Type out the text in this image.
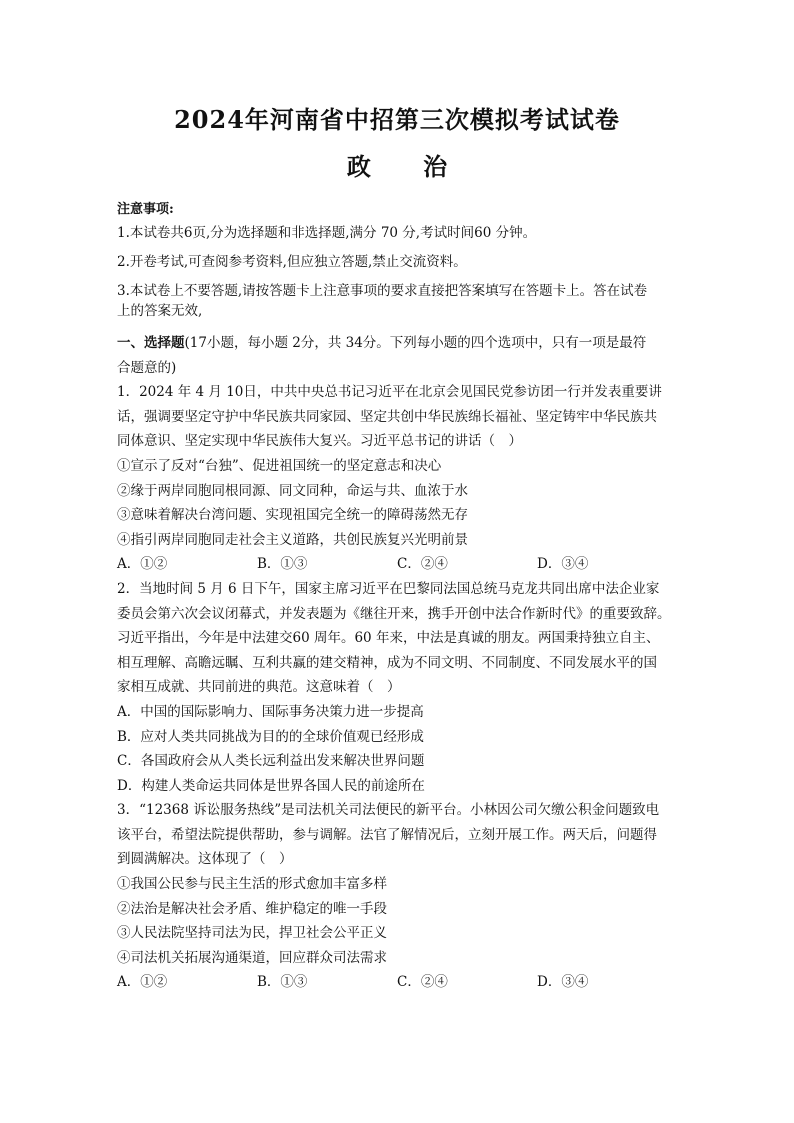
2024年河南省中招第三次模拟考试试卷
政 治
注意事项:

1.本试卷共6页,分为选择题和非选择题,满分 70 分,考试时间60 分钟。

2.开卷考试,可查阅参考资料,但应独立答题,禁止交流资料。

3.本试卷上不要答题,请按答题卡上注意事项的要求直接把答案填写在答题卡上。答在试卷

上的答案无效,

一、选择题(17小题，每小题 2分，共 34分。下列每小题的四个选项中，只有一项是最符
合题意的)
1．2024 年 4 月 10日，中共中央总书记习近平在北京会见国民党参访团一行并发表重要讲
话，强调要坚定守护中华民族共同家园、坚定共创中华民族绵长福祉、坚定铸牢中华民族共
同体意识、坚定实现中华民族伟大复兴。习近平总书记的讲话（　）
①宣示了反对“台独”、促进祖国统一的坚定意志和决心
②缘于两岸同胞同根同源、同文同种，命运与共、血浓于水
③意味着解决台湾问题、实现祖国完全统一的障碍荡然无存
④指引两岸同胞同走社会主义道路，共创民族复兴光明前景
A．①②	B．①③	C．②④	D．③④
2．当地时间 5 月 6 日下午，国家主席习近平在巴黎同法国总统马克龙共同出席中法企业家
委员会第六次会议闭幕式，并发表题为《继往开来，携手开创中法合作新时代》的重要致辞。
习近平指出，今年是中法建交60 周年。60 年来，中法是真诚的朋友。两国秉持独立自主、
相互理解、高瞻远瞩、互利共赢的建交精神，成为不同文明、不同制度、不同发展水平的国
家相互成就、共同前进的典范。这意味着（　）
A．中国的国际影响力、国际事务决策力进一步提高
B．应对人类共同挑战为目的的全球价值观已经形成
C．各国政府会从人类长远利益出发来解决世界问题
D．构建人类命运共同体是世界各国人民的前途所在
3．“12368 诉讼服务热线”是司法机关司法便民的新平台。小林因公司欠缴公积金问题致电
该平台，希望法院提供帮助，参与调解。法官了解情况后，立刻开展工作。两天后，问题得
到圆满解决。这体现了（　）
①我国公民参与民主生活的形式愈加丰富多样
②法治是解决社会矛盾、维护稳定的唯一手段
③人民法院坚持司法为民，捍卫社会公平正义
④司法机关拓展沟通渠道，回应群众司法需求
A．①②	B．①③	C．②④	D．③④
